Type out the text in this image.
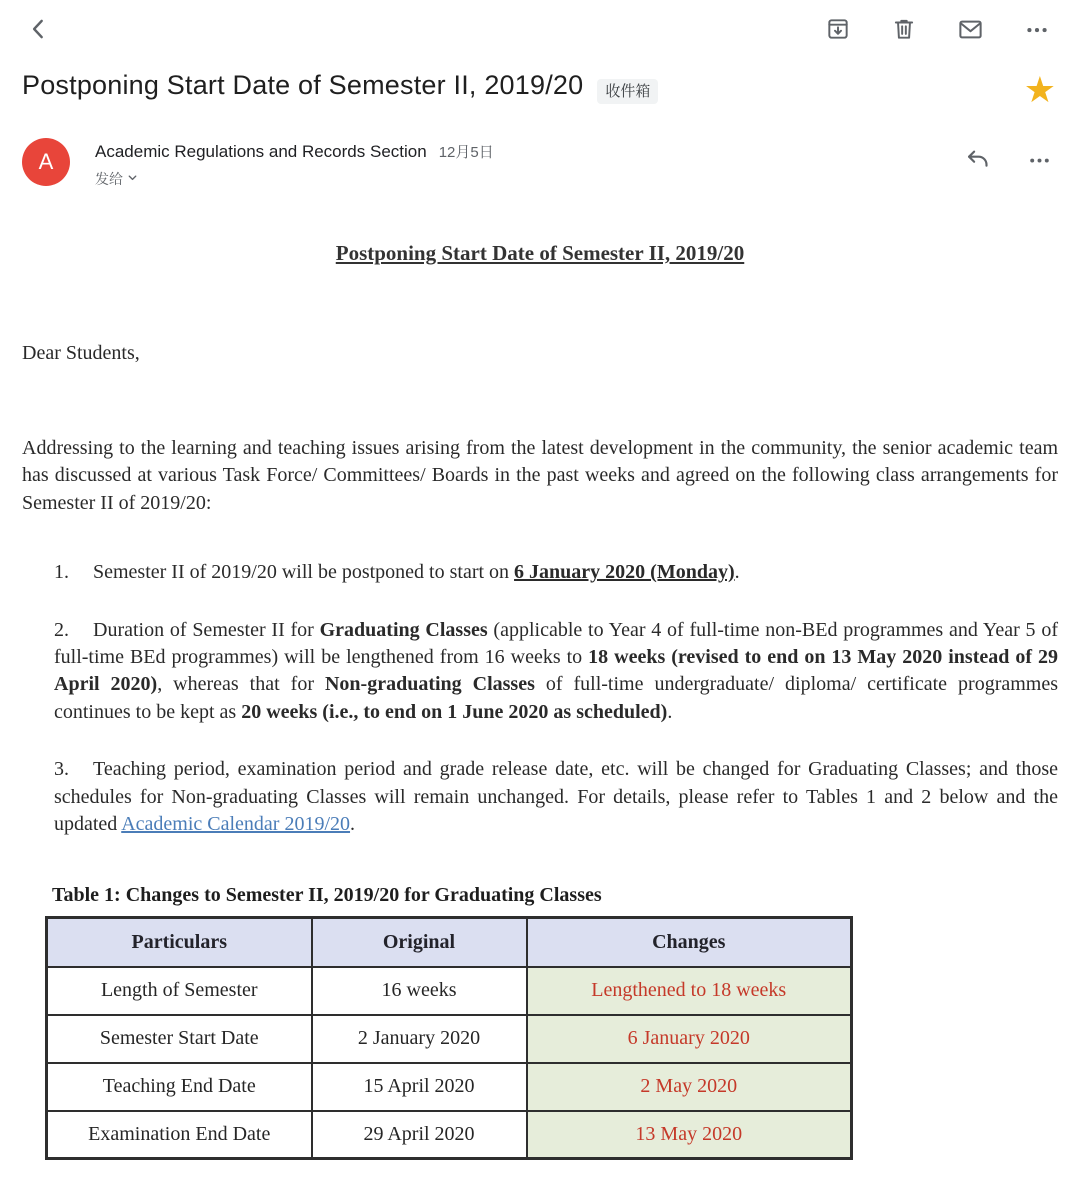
Postponing Start Date of Semester II, 2019/20	收件箱	★
A	Academic Regulations and Records Section 12月5日
发给
Postponing Start Date of Semester II, 2019/20
Dear Students,
Addressing to the learning and teaching issues arising from the latest development in the community, the senior academic team has discussed at various Task Force/ Committees/ Boards in the past weeks and agreed on the following class arrangements for Semester II of 2019/20:
1. Semester II of 2019/20 will be postponed to start on 6 January 2020 (Monday).
2. Duration of Semester II for Graduating Classes (applicable to Year 4 of full-time non-BEd programmes and Year 5 of full-time BEd programmes) will be lengthened from 16 weeks to 18 weeks (revised to end on 13 May 2020 instead of 29 April 2020), whereas that for Non-graduating Classes of full-time undergraduate/ diploma/ certificate programmes continues to be kept as 20 weeks (i.e., to end on 1 June 2020 as scheduled).
3. Teaching period, examination period and grade release date, etc. will be changed for Graduating Classes; and those schedules for Non-graduating Classes will remain unchanged. For details, please refer to Tables 1 and 2 below and the updated Academic Calendar 2019/20.
Table 1: Changes to Semester II, 2019/20 for Graduating Classes
Particulars	Original	Changes
Length of Semester	16 weeks	Lengthened to 18 weeks
Semester Start Date	2 January 2020	6 January 2020
Teaching End Date	15 April 2020	2 May 2020
Examination End Date	29 April 2020	13 May 2020
